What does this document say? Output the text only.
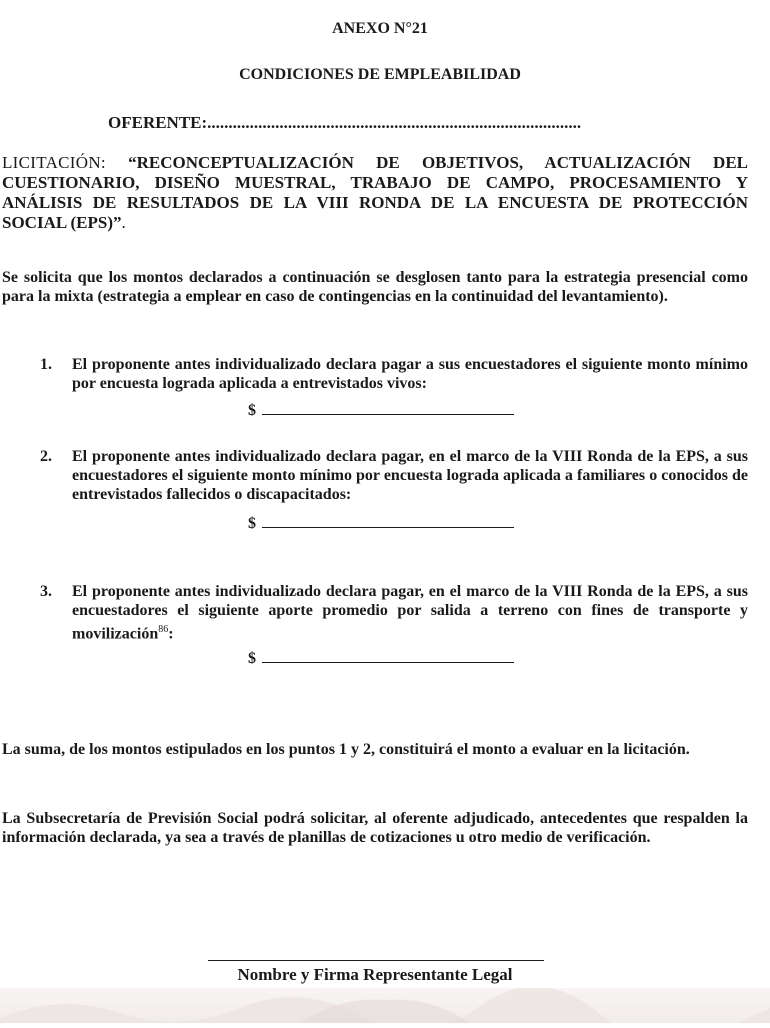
ANEXO N°21
CONDICIONES DE EMPLEABILIDAD
OFERENTE:........................................................................................
LICITACIÓN: “RECONCEPTUALIZACIÓN DE OBJETIVOS, ACTUALIZACIÓN DEL CUESTIONARIO, DISEÑO MUESTRAL, TRABAJO DE CAMPO, PROCESAMIENTO Y ANÁLISIS DE RESULTADOS DE LA VIII RONDA DE LA ENCUESTA DE PROTECCIÓN SOCIAL (EPS)”.
Se solicita que los montos declarados a continuación se desglosen tanto para la estrategia presencial como para la mixta (estrategia a emplear en caso de contingencias en la continuidad del levantamiento).
1. El proponente antes individualizado declara pagar a sus encuestadores el siguiente monto mínimo por encuesta lograda aplicada a entrevistados vivos:
$
2. El proponente antes individualizado declara pagar, en el marco de la VIII Ronda de la EPS, a sus encuestadores el siguiente monto mínimo por encuesta lograda aplicada a familiares o conocidos de entrevistados fallecidos o discapacitados:
$
3. El proponente antes individualizado declara pagar, en el marco de la VIII Ronda de la EPS, a sus encuestadores el siguiente aporte promedio por salida a terreno con fines de transporte y movilización$^{86}$:
$
La suma, de los montos estipulados en los puntos 1 y 2, constituirá el monto a evaluar en la licitación.
La Subsecretaría de Previsión Social podrá solicitar, al oferente adjudicado, antecedentes que respalden la información declarada, ya sea a través de planillas de cotizaciones u otro medio de verificación.
Nombre y Firma Representante Legal
